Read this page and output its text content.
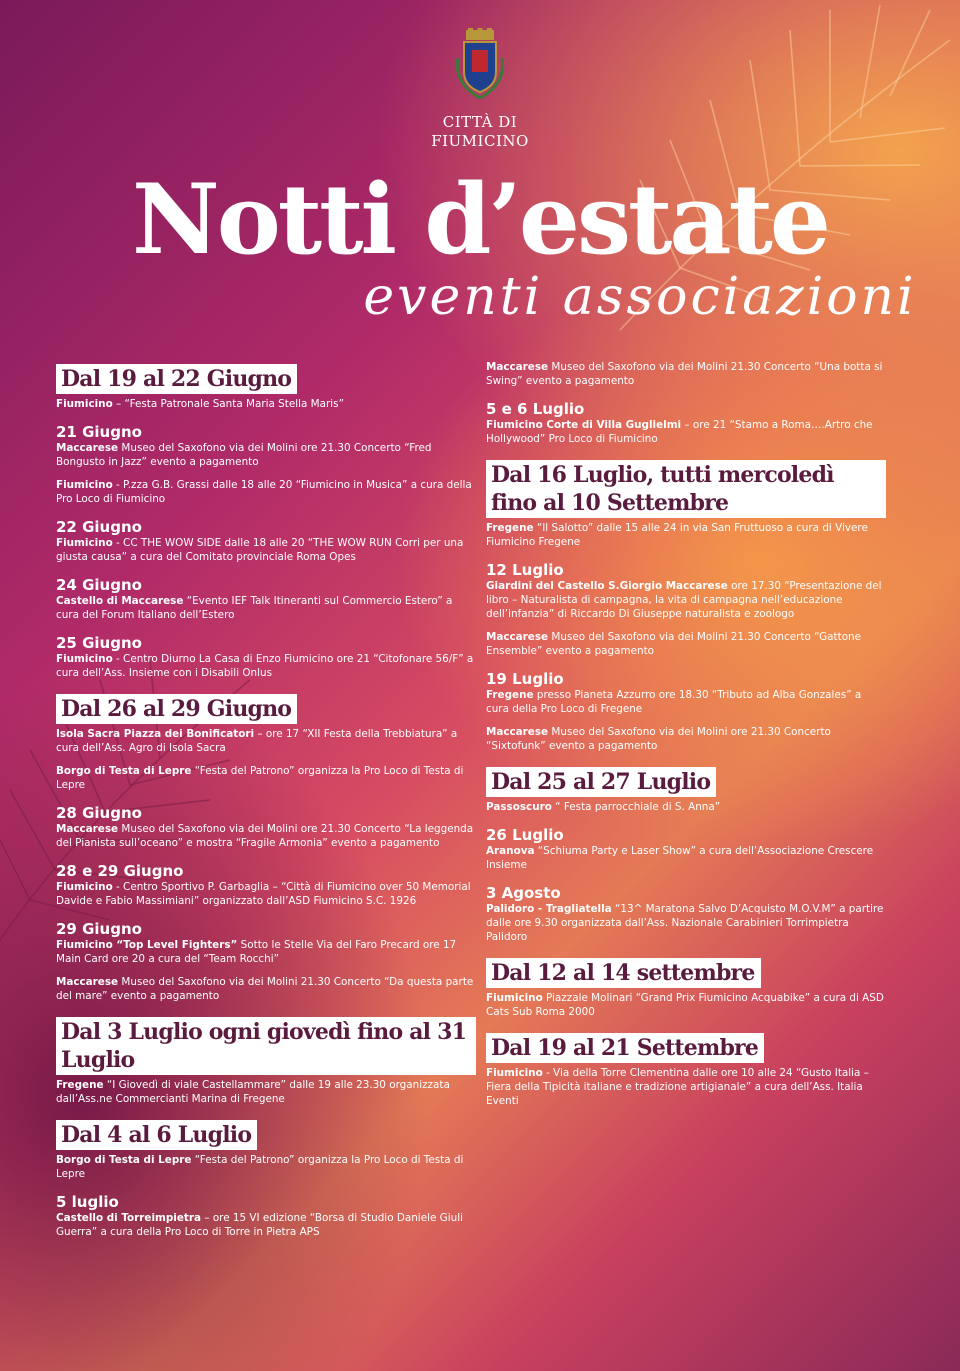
CITTÀ DI
FIUMICINO
Notti d’estate
eventi associazioni
Dal 19 al 22 Giugno
Fiumicino – “Festa Patronale Santa Maria Stella Maris”
21 Giugno
Maccarese Museo del Saxofono via dei Molini ore 21.30 Concerto “Fred Bongusto in Jazz” evento a pagamento
Fiumicino - P.zza G.B. Grassi dalle 18 alle 20 “Fiumicino in Musica” a cura della Pro Loco di Fiumicino
22 Giugno
Fiumicino - CC THE WOW SIDE dalle 18 alle 20 “THE WOW RUN Corri per una giusta causa” a cura del Comitato provinciale Roma Opes
24 Giugno
Castello di Maccarese “Evento IEF Talk Itineranti sul Commercio Estero” a cura del Forum Italiano dell’Estero
25 Giugno
Fiumicino - Centro Diurno La Casa di Enzo Fiumicino ore 21 “Citofonare 56/F” a cura dell’Ass. Insieme con i Disabili Onlus
Dal 26 al 29 Giugno
Isola Sacra Piazza dei Bonificatori – ore 17 “XII Festa della Trebbiatura” a cura dell’Ass. Agro di Isola Sacra
Borgo di Testa di Lepre “Festa del Patrono” organizza la Pro Loco di Testa di Lepre
28 Giugno
Maccarese Museo del Saxofono via dei Molini ore 21.30 Concerto “La leggenda del Pianista sull’oceano” e mostra “Fragile Armonia” evento a pagamento
28 e 29 Giugno
Fiumicino - Centro Sportivo P. Garbaglia – “Città di Fiumicino over 50 Memorial Davide e Fabio Massimiani” organizzato dall’ASD Fiumicino S.C. 1926
29 Giugno
Fiumicino “Top Level Fighters” Sotto le Stelle Via del Faro Precard ore 17 Main Card ore 20 a cura del “Team Rocchi”
Maccarese Museo del Saxofono via dei Molini 21.30 Concerto “Da questa parte del mare” evento a pagamento
Dal 3 Luglio ogni giovedì fino al 31 Luglio
Fregene “I Giovedì di viale Castellammare” dalle 19 alle 23.30 organizzata dall’Ass.ne Commercianti Marina di Fregene
Dal 4 al 6 Luglio
Borgo di Testa di Lepre “Festa del Patrono” organizza la Pro Loco di Testa di Lepre
5 luglio
Castello di Torreimpietra – ore 15 VI edizione “Borsa di Studio Daniele Giuli Guerra” a cura della Pro Loco di Torre in Pietra APS
Maccarese Museo del Saxofono via dei Molini 21.30 Concerto “Una botta si Swing” evento a pagamento
5 e 6 Luglio
Fiumicino Corte di Villa Guglielmi – ore 21 “Stamo a Roma….Artro che Hollywood” Pro Loco di Fiumicino
Dal 16 Luglio, tutti mercoledì fino al 10 Settembre
Fregene “Il Salotto” dalle 15 alle 24 in via San Fruttuoso a cura di Vivere Fiumicino Fregene
12 Luglio
Giardini del Castello S.Giorgio Maccarese ore 17.30 “Presentazione del libro – Naturalista di campagna, la vita di campagna nell’educazione dell’infanzia” di Riccardo Di Giuseppe naturalista e zoologo
Maccarese Museo del Saxofono via dei Molini 21.30 Concerto “Gattone Ensemble” evento a pagamento
19 Luglio
Fregene presso Pianeta Azzurro ore 18.30 “Tributo ad Alba Gonzales” a cura della Pro Loco di Fregene
Maccarese Museo del Saxofono via dei Molini ore 21.30 Concerto “Sixtofunk” evento a pagamento
Dal 25 al 27 Luglio
Passoscuro “ Festa parrocchiale di S. Anna”
26 Luglio
Aranova “Schiuma Party e Laser Show” a cura dell’Associazione Crescere Insieme
3 Agosto
Palidoro - Tragliatella “13^ Maratona Salvo D’Acquisto M.O.V.M” a partire dalle ore 9.30 organizzata dall’Ass. Nazionale Carabinieri Torrimpietra Palidoro
Dal 12 al 14 settembre
Fiumicino Piazzale Molinari “Grand Prix Fiumicino Acquabike” a cura di ASD Cats Sub Roma 2000
Dal 19 al 21 Settembre
Fiumicino - Via della Torre Clementina dalle ore 10 alle 24 “Gusto Italia – Fiera della Tipicità italiane e tradizione artigianale” a cura dell’Ass. Italia Eventi
